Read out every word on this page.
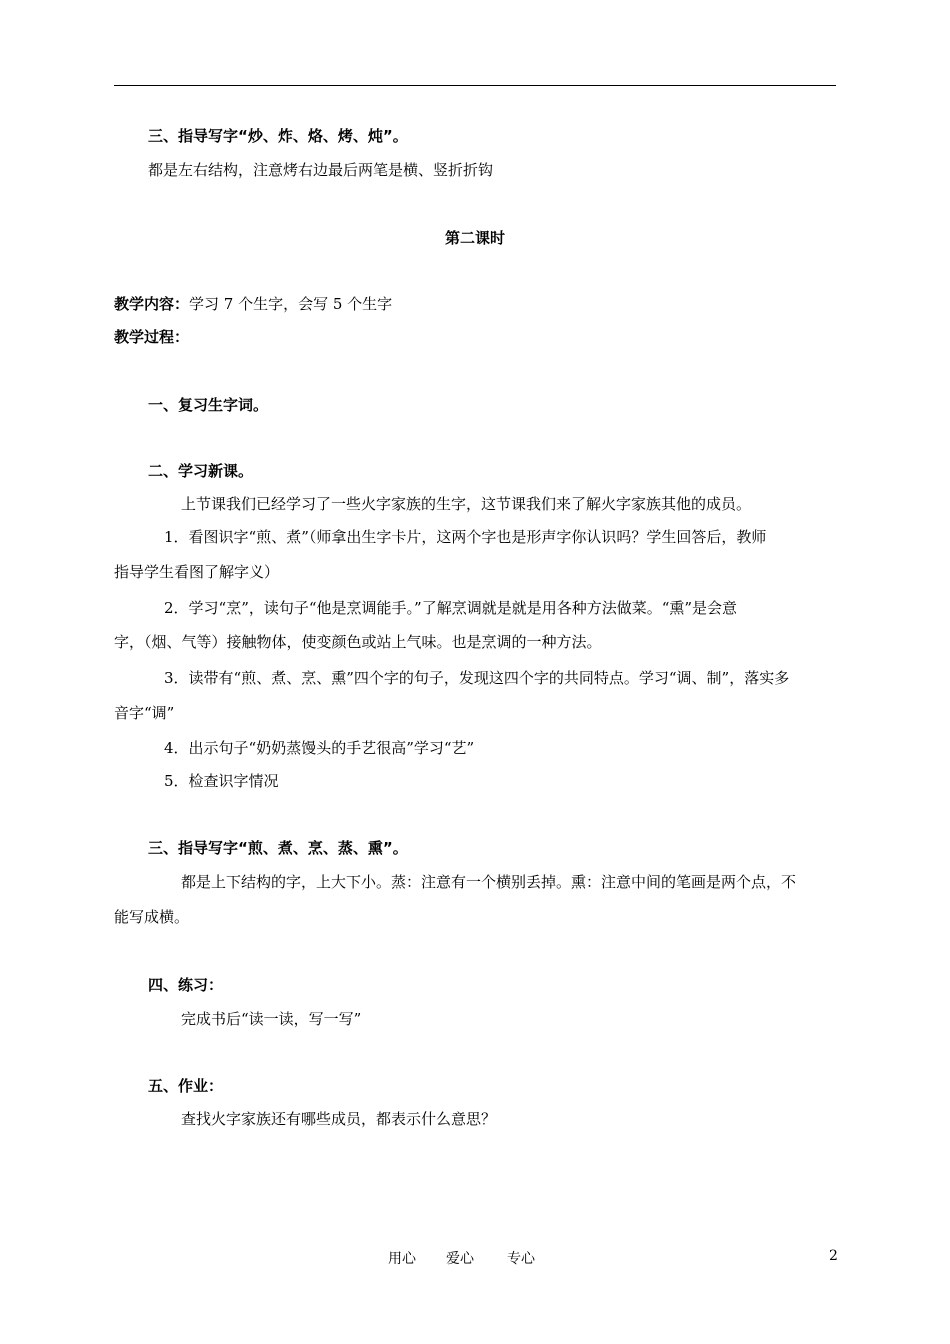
三、指导写字“炒、炸、烙、烤、炖”。
都是左右结构，注意烤右边最后两笔是横、竖折折钩
第二课时
教学内容：学习 7 个生字，会写 5 个生字
教学过程：
一、复习生字词。
二、学习新课。
上节课我们已经学习了一些火字家族的生字，这节课我们来了解火字家族其他的成员。
1．看图识字“煎、煮”（师拿出生字卡片，这两个字也是形声字你认识吗？学生回答后，教师
指导学生看图了解字义）
2．学习“烹”，读句子“他是烹调能手。”了解烹调就是就是用各种方法做菜。“熏”是会意
字，（烟、气等）接触物体，使变颜色或站上气味。也是烹调的一种方法。
3．读带有“煎、煮、烹、熏”四个字的句子，发现这四个字的共同特点。学习“调、制”，落实多
音字“调”
4．出示句子“奶奶蒸馒头的手艺很高”学习“艺”
5．检查识字情况
三、指导写字“煎、煮、烹、蒸、熏”。
都是上下结构的字，上大下小。蒸：注意有一个横别丢掉。熏：注意中间的笔画是两个点，不
能写成横。
四、练习：
完成书后“读一读，写一写”
五、作业：
查找火字家族还有哪些成员，都表示什么意思？
用心 爱心 专心	2
